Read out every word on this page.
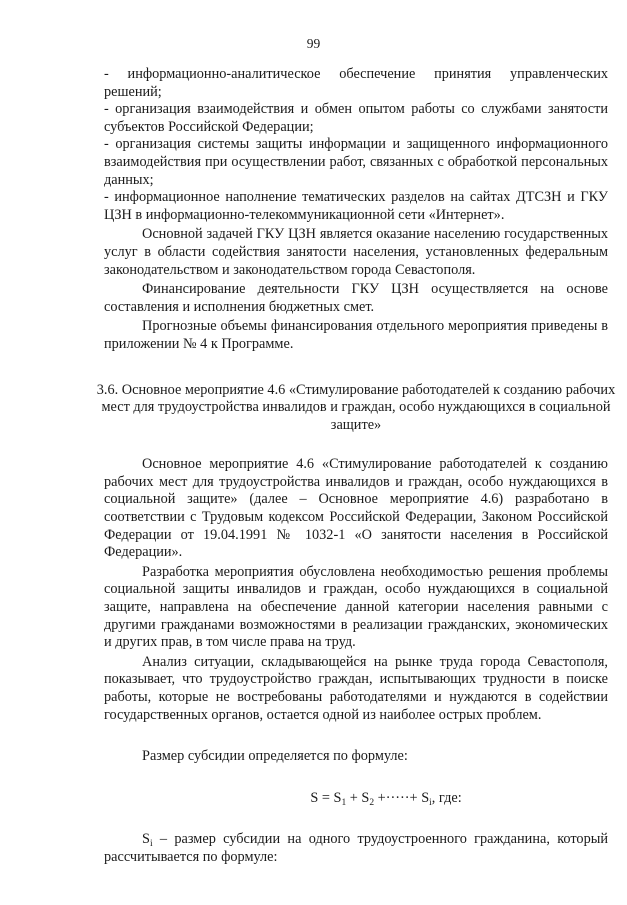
99

- информационно-аналитическое обеспечение принятия управленческих решений;

- организация взаимодействия и обмен опытом работы со службами занятости субъектов Российской Федерации;

- организация системы защиты информации и защищенного информационного взаимодействия при осуществлении работ, связанных с обработкой персональных данных;

- информационное наполнение тематических разделов на сайтах ДТСЗН и ГКУ ЦЗН в информационно-телекоммуникационной сети «Интернет».

Основной задачей ГКУ ЦЗН является оказание населению государственных услуг в области содействия занятости населения, установленных федеральным законодательством и законодательством города Севастополя.

Финансирование деятельности ГКУ ЦЗН осуществляется на основе составления и исполнения бюджетных смет.

Прогнозные объемы финансирования отдельного мероприятия приведены в приложении № 4 к Программе.

3.6. Основное мероприятие 4.6 «Стимулирование работодателей к созданию рабочих мест для трудоустройства инвалидов и граждан, особо нуждающихся в социальной защите»

Основное мероприятие 4.6 «Стимулирование работодателей к созданию рабочих мест для трудоустройства инвалидов и граждан, особо нуждающихся в социальной защите» (далее – Основное мероприятие 4.6) разработано в соответствии с Трудовым кодексом Российской Федерации, Законом Российской Федерации от 19.04.1991 № 1032-1 «О занятости населения в Российской Федерации».

Разработка мероприятия обусловлена необходимостью решения проблемы социальной защиты инвалидов и граждан, особо нуждающихся в социальной защите, направлена на обеспечение данной категории населения равными с другими гражданами возможностями в реализации гражданских, экономических и других прав, в том числе права на труд.

Анализ ситуации, складывающейся на рынке труда города Севастополя, показывает, что трудоустройство граждан, испытывающих трудности в поиске работы, которые не востребованы работодателями и нуждаются в содействии государственных органов, остается одной из наиболее острых проблем.

Размер субсидии определяется по формуле:

$S = S_1 + S_2$ +·····+ $S_i$, где:

$S_i$ – размер субсидии на одного трудоустроенного гражданина, который рассчитывается по формуле:
